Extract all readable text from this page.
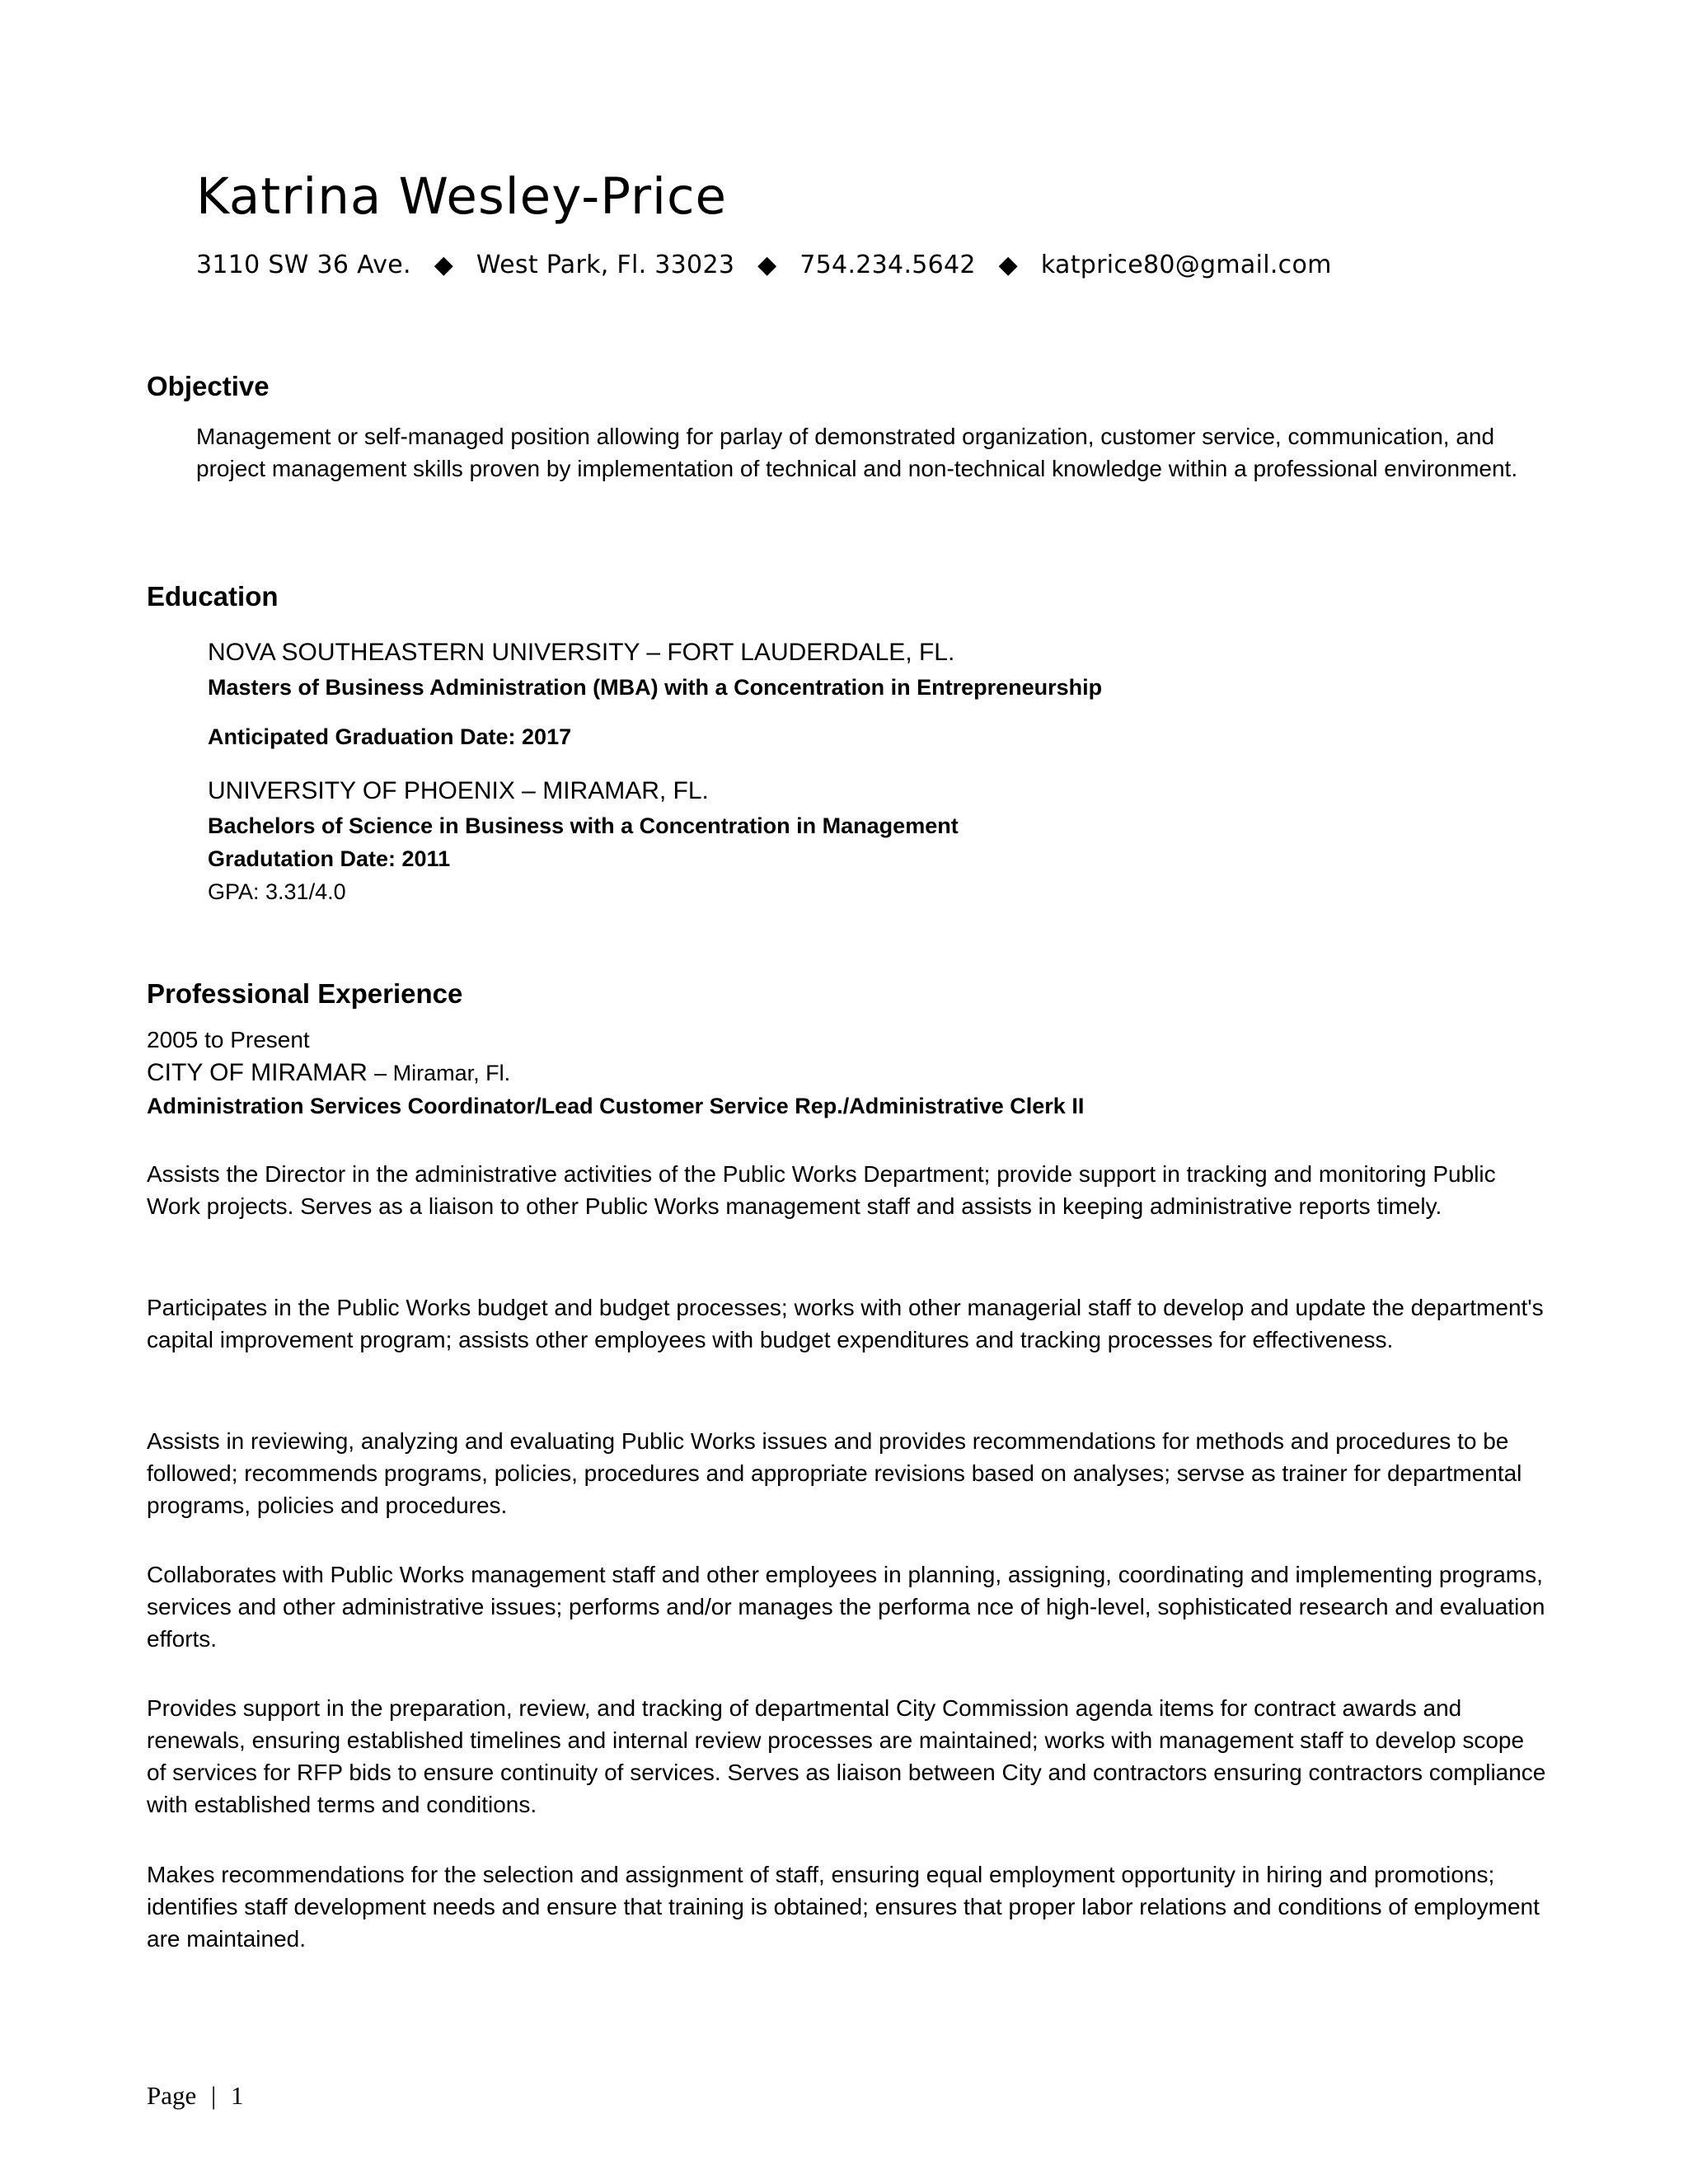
Katrina Wesley-Price
3110 SW 36 Ave. ◆ West Park, Fl. 33023 ◆ 754.234.5642 ◆ katprice80@gmail.com
Objective

Management or self-managed position allowing for parlay of demonstrated organization, customer service, communication, and project management skills proven by implementation of technical and non-technical knowledge within a professional environment.

Education

NOVA SOUTHEASTERN UNIVERSITY – FORT LAUDERDALE, FL.

Masters of Business Administration (MBA) with a Concentration in Entrepreneurship

Anticipated Graduation Date: 2017

UNIVERSITY OF PHOENIX – MIRAMAR, FL.

Bachelors of Science in Business with a Concentration in Management

Gradutation Date: 2011

GPA: 3.31/4.0

Professional Experience

2005 to Present

CITY OF MIRAMAR – Miramar, Fl.

Administration Services Coordinator/Lead Customer Service Rep./Administrative Clerk II

Assists the Director in the administrative activities of the Public Works Department; provide support in tracking and monitoring Public Work projects. Serves as a liaison to other Public Works management staff and assists in keeping administrative reports timely.

Participates in the Public Works budget and budget processes; works with other managerial staff to develop and update the department's capital improvement program; assists other employees with budget expenditures and tracking processes for effectiveness.

Assists in reviewing, analyzing and evaluating Public Works issues and provides recommendations for methods and procedures to be followed; recommends programs, policies, procedures and appropriate revisions based on analyses; servse as trainer for departmental programs, policies and procedures.

Collaborates with Public Works management staff and other employees in planning, assigning, coordinating and implementing programs, services and other administrative issues; performs and/or manages the performa nce of high-level, sophisticated research and evaluation efforts.

Provides support in the preparation, review, and tracking of departmental City Commission agenda items for contract awards and renewals, ensuring established timelines and internal review processes are maintained; works with management staff to develop scope of services for RFP bids to ensure continuity of services. Serves as liaison between City and contractors ensuring contractors compliance with established terms and conditions.

Makes recommendations for the selection and assignment of staff, ensuring equal employment opportunity in hiring and promotions; identifies staff development needs and ensure that training is obtained; ensures that proper labor relations and conditions of employment are maintained.

Page | 1
